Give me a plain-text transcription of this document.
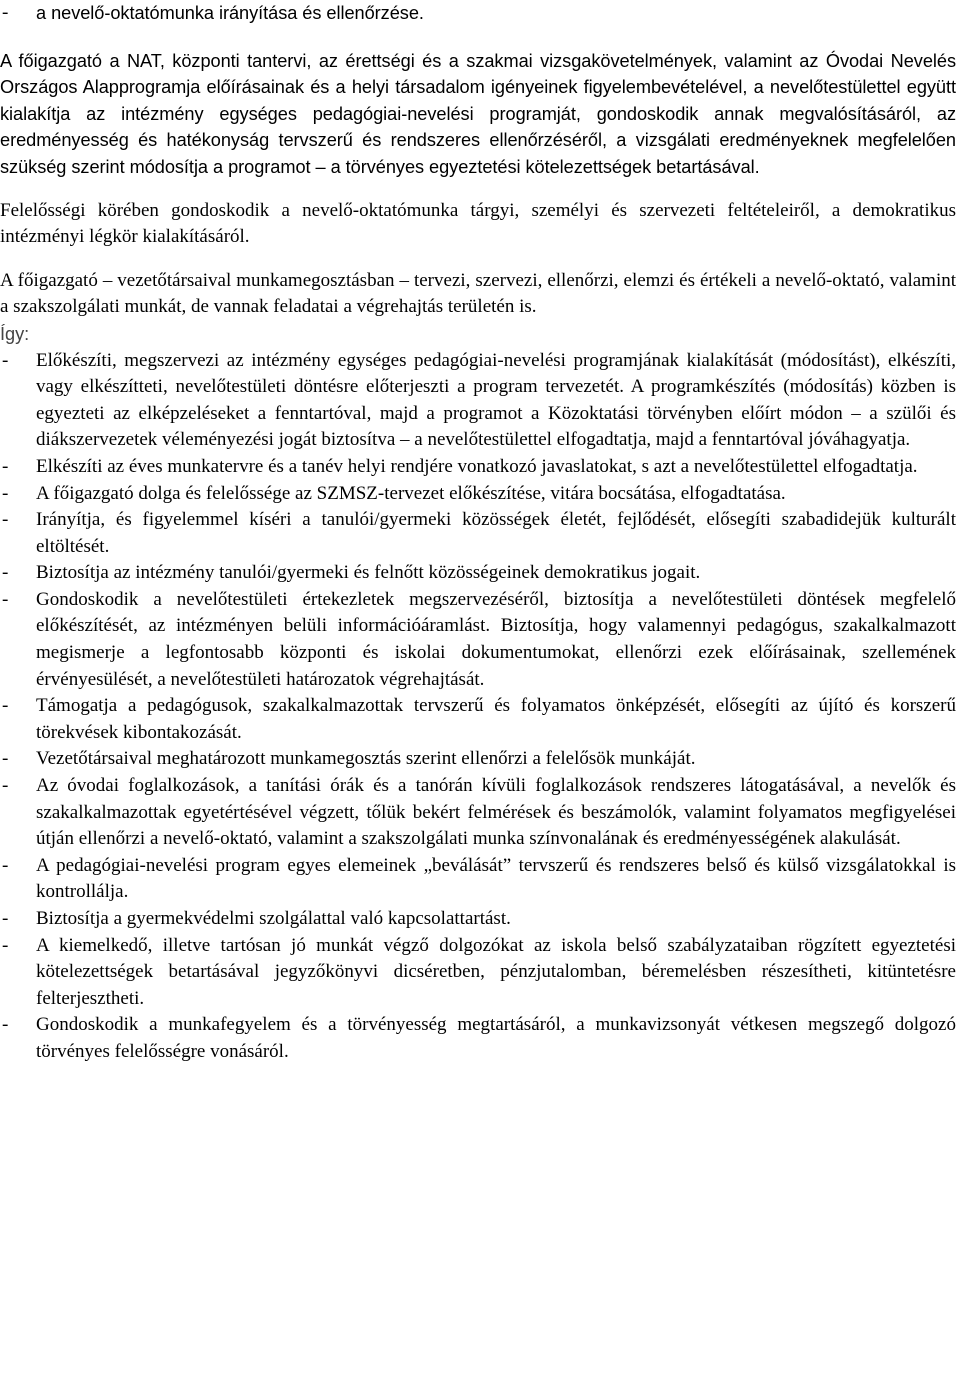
- a nevelő-oktatómunka irányítása és ellenőrzése.

A főigazgató a NAT, központi tantervi, az érettségi és a szakmai vizsgakövetelmények, valamint az Óvodai Nevelés Országos Alapprogramja előírásainak és a helyi társadalom igényeinek figyelembevételével, a nevelőtestülettel együtt kialakítja az intézmény egységes pedagógiai-nevelési programját, gondoskodik annak megvalósításáról, az eredményesség és hatékonyság tervszerű és rendszeres ellenőrzéséről, a vizsgálati eredményeknek megfelelően szükség szerint módosítja a programot – a törvényes egyeztetési kötelezettségek betartásával.

Felelősségi körében gondoskodik a nevelő-oktatómunka tárgyi, személyi és szervezeti feltételeiről, a demokratikus intézményi légkör kialakításáról.

A főigazgató – vezetőtársaival munkamegosztásban – tervezi, szervezi, ellenőrzi, elemzi és értékeli a nevelő-oktató, valamint a szakszolgálati munkát, de vannak feladatai a végrehajtás területén is.

Így:

- Előkészíti, megszervezi az intézmény egységes pedagógiai-nevelési programjának kialakítását (módosítást), elkészíti, vagy elkészítteti, nevelőtestületi döntésre előterjeszti a program tervezetét. A programkészítés (módosítás) közben is egyezteti az elképzeléseket a fenntartóval, majd a programot a Közoktatási törvényben előírt módon – a szülői és diákszervezetek véleményezési jogát biztosítva – a nevelőtestülettel elfogadtatja, majd a fenntartóval jóváhagyatja.
- Elkészíti az éves munkatervre és a tanév helyi rendjére vonatkozó javaslatokat, s azt a nevelőtestülettel elfogadtatja.
- A főigazgató dolga és felelőssége az SZMSZ-tervezet előkészítése, vitára bocsátása, elfogadtatása.
- Irányítja, és figyelemmel kíséri a tanulói/gyermeki közösségek életét, fejlődését, elősegíti szabadidejük kulturált eltöltését.
- Biztosítja az intézmény tanulói/gyermeki és felnőtt közösségeinek demokratikus jogait.
- Gondoskodik a nevelőtestületi értekezletek megszervezéséről, biztosítja a nevelőtestületi döntések megfelelő előkészítését, az intézményen belüli információáramlást. Biztosítja, hogy valamennyi pedagógus, szakalkalmazott megismerje a legfontosabb központi és iskolai dokumentumokat, ellenőrzi ezek előírásainak, szellemének érvényesülését, a nevelőtestületi határozatok végrehajtását.
- Támogatja a pedagógusok, szakalkalmazottak tervszerű és folyamatos önképzését, elősegíti az újító és korszerű törekvések kibontakozását.
- Vezetőtársaival meghatározott munkamegosztás szerint ellenőrzi a felelősök munkáját.
- Az óvodai foglalkozások, a tanítási órák és a tanórán kívüli foglalkozások rendszeres látogatásával, a nevelők és szakalkalmazottak egyetértésével végzett, tőlük bekért felmérések és beszámolók, valamint folyamatos megfigyelései útján ellenőrzi a nevelő-oktató, valamint a szakszolgálati munka színvonalának és eredményességének alakulását.
- A pedagógiai-nevelési program egyes elemeinek „beválását” tervszerű és rendszeres belső és külső vizsgálatokkal is kontrollálja.
- Biztosítja a gyermekvédelmi szolgálattal való kapcsolattartást.
- A kiemelkedő, illetve tartósan jó munkát végző dolgozókat az iskola belső szabályzataiban rögzített egyeztetési kötelezettségek betartásával jegyzőkönyvi dicséretben, pénzjutalomban, béremelésben részesítheti, kitüntetésre felterjesztheti.
- Gondoskodik a munkafegyelem és a törvényesség megtartásáról, a munkavizsonyát vétkesen megszegő dolgozó törvényes felelősségre vonásáról.
